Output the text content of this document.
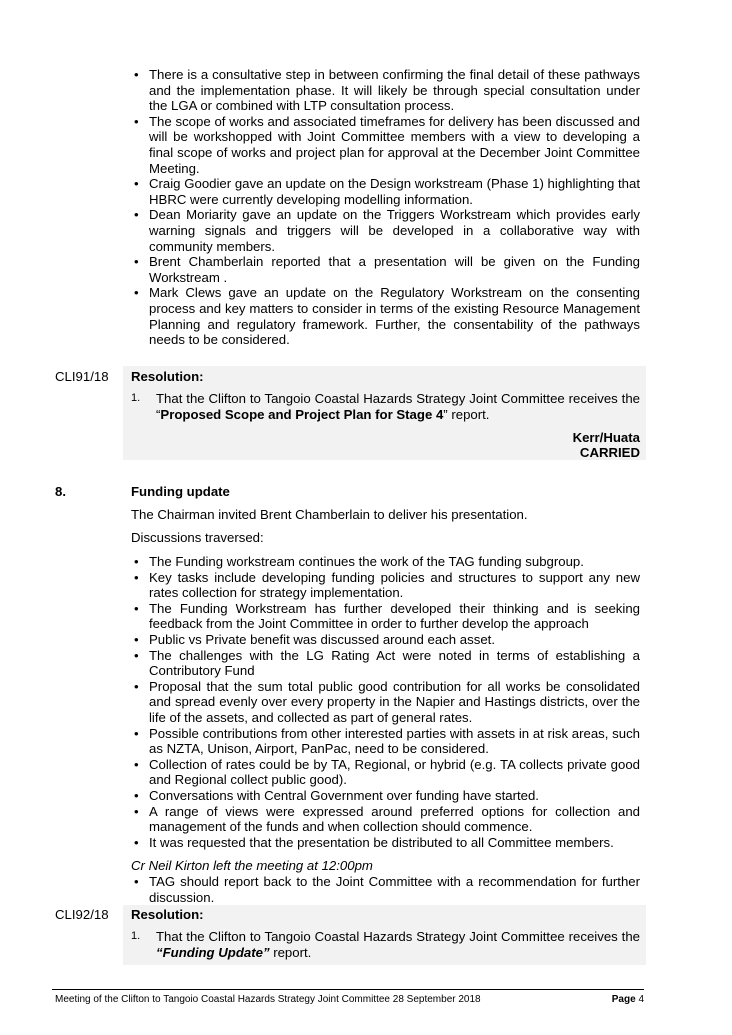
• There is a consultative step in between confirming the final detail of these pathways and the implementation phase. It will likely be through special consultation under the LGA or combined with LTP consultation process.
• The scope of works and associated timeframes for delivery has been discussed and will be workshopped with Joint Committee members with a view to developing a final scope of works and project plan for approval at the December Joint Committee Meeting.
• Craig Goodier gave an update on the Design workstream (Phase 1) highlighting that HBRC were currently developing modelling information.
• Dean Moriarity gave an update on the Triggers Workstream which provides early warning signals and triggers will be developed in a collaborative way with community members.
• Brent Chamberlain reported that a presentation will be given on the Funding Workstream .
• Mark Clews gave an update on the Regulatory Workstream on the consenting process and key matters to consider in terms of the existing Resource Management Planning and regulatory framework. Further, the consentability of the pathways needs to be considered.
CLI91/18 Resolution:
1. That the Clifton to Tangoio Coastal Hazards Strategy Joint Committee receives the “Proposed Scope and Project Plan for Stage 4” report.
Kerr/Huata
CARRIED
8.	Funding update
The Chairman invited Brent Chamberlain to deliver his presentation.
Discussions traversed:
• The Funding workstream continues the work of the TAG funding subgroup.
• Key tasks include developing funding policies and structures to support any new rates collection for strategy implementation.
• The Funding Workstream has further developed their thinking and is seeking feedback from the Joint Committee in order to further develop the approach
• Public vs Private benefit was discussed around each asset.
• The challenges with the LG Rating Act were noted in terms of establishing a Contributory Fund
• Proposal that the sum total public good contribution for all works be consolidated and spread evenly over every property in the Napier and Hastings districts, over the life of the assets, and collected as part of general rates.
• Possible contributions from other interested parties with assets in at risk areas, such as NZTA, Unison, Airport, PanPac, need to be considered.
• Collection of rates could be by TA, Regional, or hybrid (e.g. TA collects private good and Regional collect public good).
• Conversations with Central Government over funding have started.
• A range of views were expressed around preferred options for collection and management of the funds and when collection should commence.
• It was requested that the presentation be distributed to all Committee members.
Cr Neil Kirton left the meeting at 12:00pm
• TAG should report back to the Joint Committee with a recommendation for further discussion.
CLI92/18 Resolution:
1. That the Clifton to Tangoio Coastal Hazards Strategy Joint Committee receives the “Funding Update” report.
Meeting of the Clifton to Tangoio Coastal Hazards Strategy Joint Committee 28 September 2018	Page 4
